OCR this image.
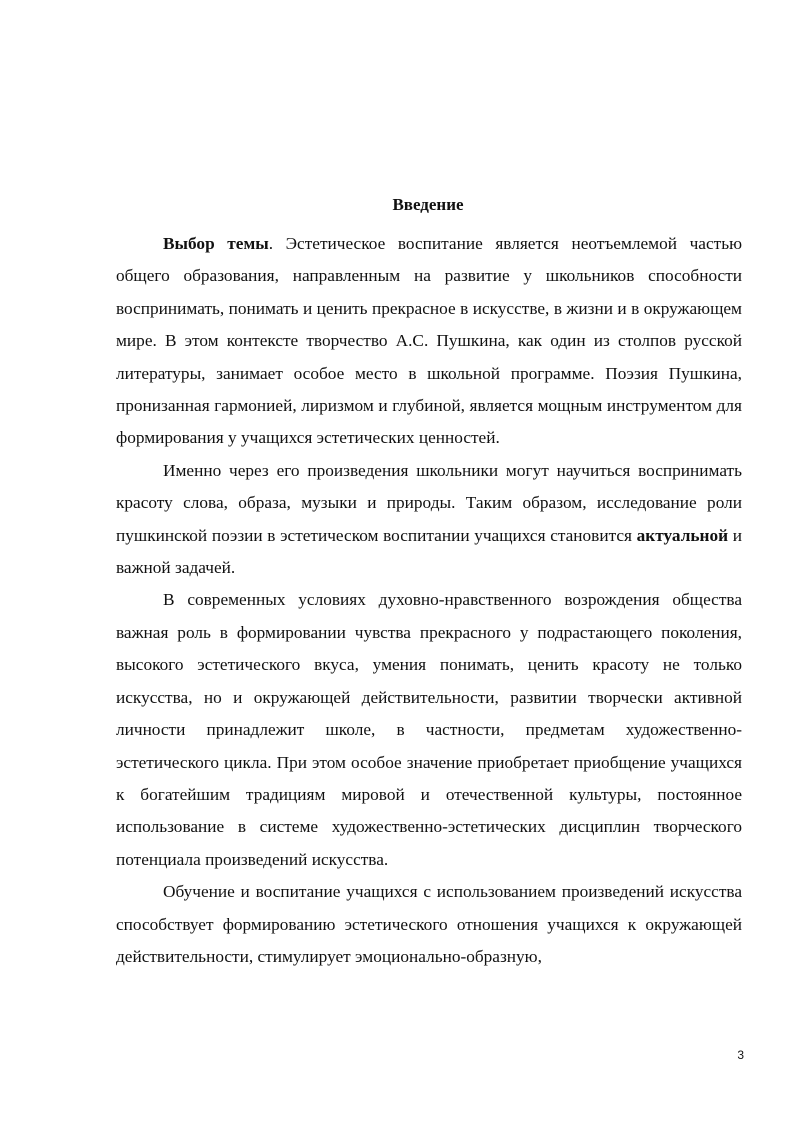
Введение

Выбор темы. Эстетическое воспитание является неотъемлемой частью общего образования, направленным на развитие у школьников способности воспринимать, понимать и ценить прекрасное в искусстве, в жизни и в окружающем мире. В этом контексте творчество А.С. Пушкина, как один из столпов русской литературы, занимает особое место в школьной программе. Поэзия Пушкина, пронизанная гармонией, лиризмом и глубиной, является мощным инструментом для формирования у учащихся эстетических ценностей.

Именно через его произведения школьники могут научиться воспринимать красоту слова, образа, музыки и природы. Таким образом, исследование роли пушкинской поэзии в эстетическом воспитании учащихся становится актуальной и важной задачей.

В современных условиях духовно-нравственного возрождения общества важная роль в формировании чувства прекрасного у подрастающего поколения, высокого эстетического вкуса, умения понимать, ценить красоту не только искусства, но и окружающей действительности, развитии творчески активной личности принадлежит школе, в частности, предметам художественно-эстетического цикла. При этом особое значение приобретает приобщение учащихся к богатейшим традициям мировой и отечественной культуры, постоянное использование в системе художественно-эстетических дисциплин творческого потенциала произведений искусства.

Обучение и воспитание учащихся с использованием произведений искусства способствует формированию эстетического отношения учащихся к окружающей действительности, стимулирует эмоционально-образную,

3
